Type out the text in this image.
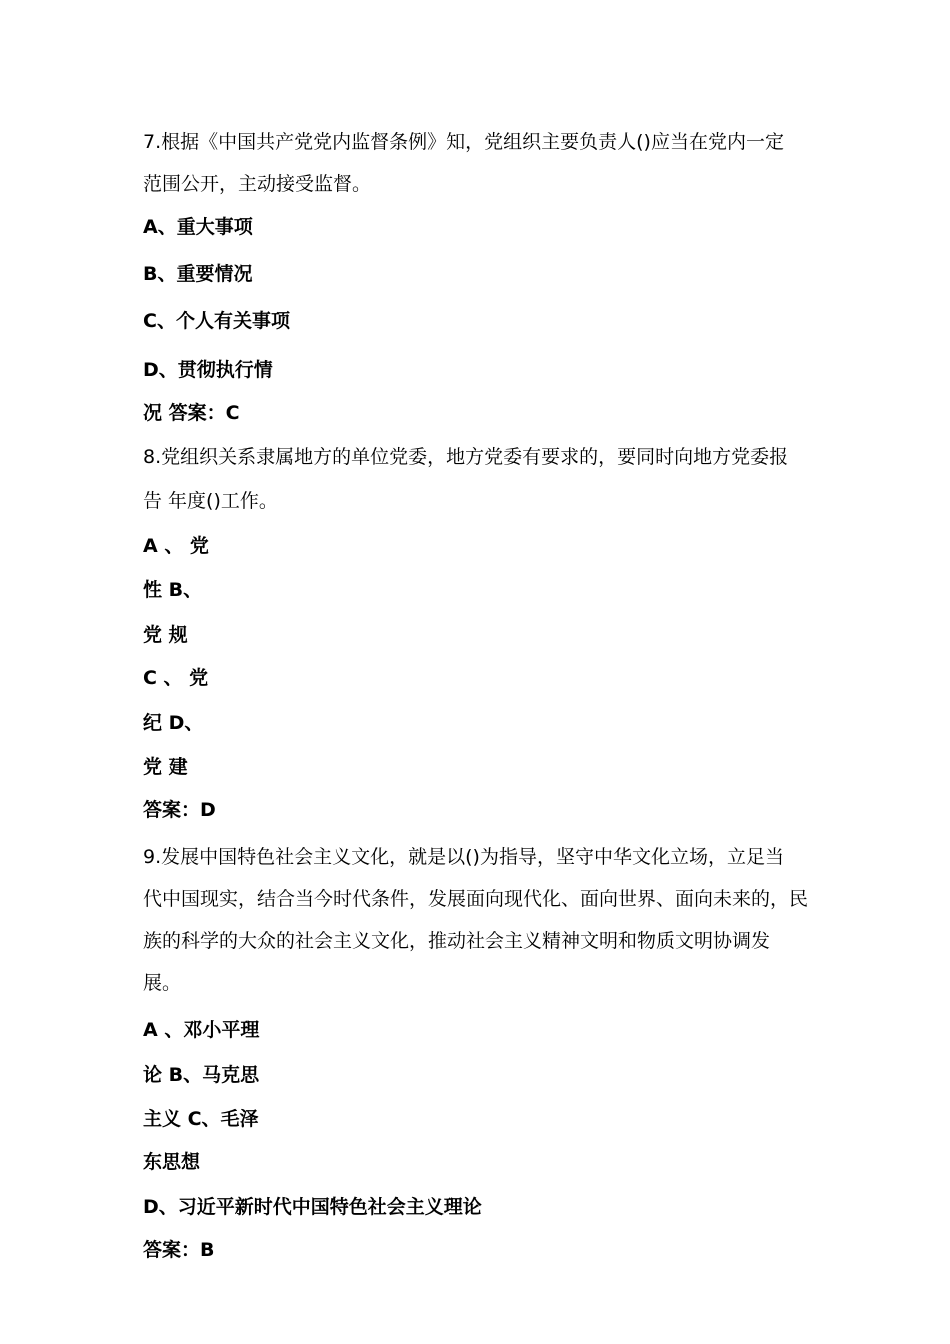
7.根据《中国共产党党内监督条例》知，党组织主要负责人()应当在党内一定
范围公开，主动接受监督。
A、重大事项
B、重要情况
C、个人有关事项
D、贯彻执行情
况 答案：C
8.党组织关系隶属地方的单位党委，地方党委有要求的，要同时向地方党委报
告 年度()工作。
A 、 党
性 B、
党 规
C 、 党
纪 D、
党 建
答案：D
9.发展中国特色社会主义文化，就是以()为指导，坚守中华文化立场，立足当
代中国现实，结合当今时代条件，发展面向现代化、面向世界、面向未来的，民
族的科学的大众的社会主义文化，推动社会主义精神文明和物质文明协调发
展。
A 、邓小平理
论 B、马克思
主义 C、毛泽
东思想
D、习近平新时代中国特色社会主义理论
答案：B
